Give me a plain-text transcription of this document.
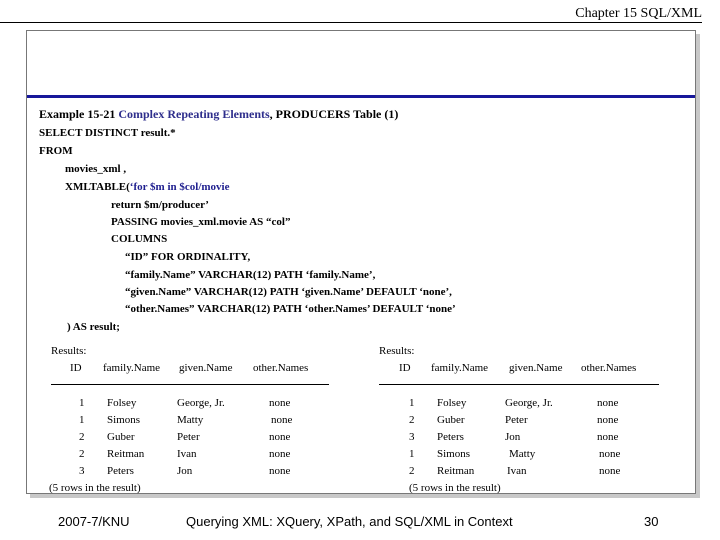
Chapter 15 SQL/XML
Example 15-21 Complex Repeating Elements, PRODUCERS Table (1)
SELECT DISTINCT result.*
FROM
movies_xml ,
XMLTABLE(‘for $m in $col/movie
return $m/producer’
PASSING movies_xml.movie AS “col”
COLUMNS
“ID” FOR ORDINALITY,
“family.Name” VARCHAR(12) PATH ‘family.Name’,
“given.Name” VARCHAR(12) PATH ‘given.Name’ DEFAULT ‘none’,
“other.Names” VARCHAR(12) PATH ‘other.Names’ DEFAULT ‘none’
) AS result;
Results:
ID family.Name given.Name other.Names
1 Folsey	George, Jr.	none
1 Simons	Matty	none
2 Guber	Peter	none
2 Reitman	Ivan	none
3 Peters	Jon	none
(5 rows in the result)
Results:
ID family.Name given.Name other.Names
1 Folsey	George, Jr.	none
2 Guber	Peter	none
3 Peters	Jon	none
1 Simons	Matty	none
2 Reitman	Ivan	none
(5 rows in the result)
2007-7/KNU	Querying XML: XQuery, XPath, and SQL/XML in Context	30
